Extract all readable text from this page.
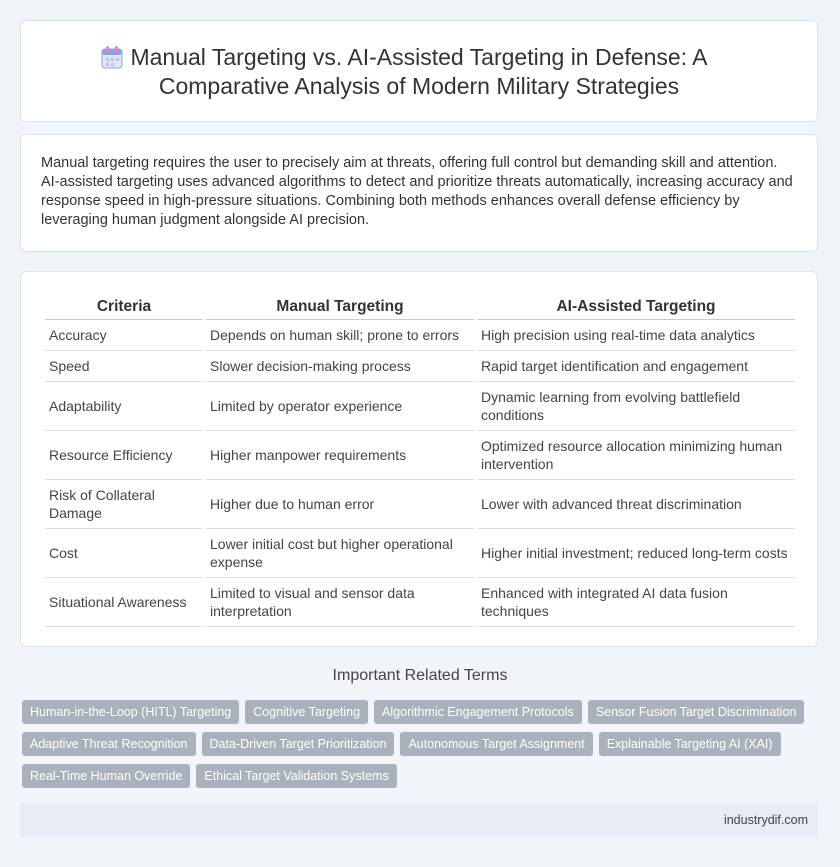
Manual Targeting vs. AI-Assisted Targeting in Defense: A Comparative Analysis of Modern Military Strategies

Manual targeting requires the user to precisely aim at threats, offering full control but demanding skill and attention. AI-assisted targeting uses advanced algorithms to detect and prioritize threats automatically, increasing accuracy and response speed in high-pressure situations. Combining both methods enhances overall defense efficiency by leveraging human judgment alongside AI precision.

Criteria	Manual Targeting	AI-Assisted Targeting
Accuracy	Depends on human skill; prone to errors	High precision using real-time data analytics
Speed	Slower decision-making process	Rapid target identification and engagement
Adaptability	Limited by operator experience	Dynamic learning from evolving battlefield conditions
Resource Efficiency	Higher manpower requirements	Optimized resource allocation minimizing human intervention
Risk of Collateral Damage	Higher due to human error	Lower with advanced threat discrimination
Cost	Lower initial cost but higher operational expense	Higher initial investment; reduced long-term costs
Situational Awareness	Limited to visual and sensor data interpretation	Enhanced with integrated AI data fusion techniques
Important Related Terms
Human-in-the-Loop (HITL) Targeting Cognitive Targeting Algorithmic Engagement Protocols Sensor Fusion Target Discrimination
Adaptive Threat Recognition Data-Driven Target Prioritization Autonomous Target Assignment Explainable Targeting AI (XAI)
Real-Time Human Override Ethical Target Validation Systems
industrydif.com
